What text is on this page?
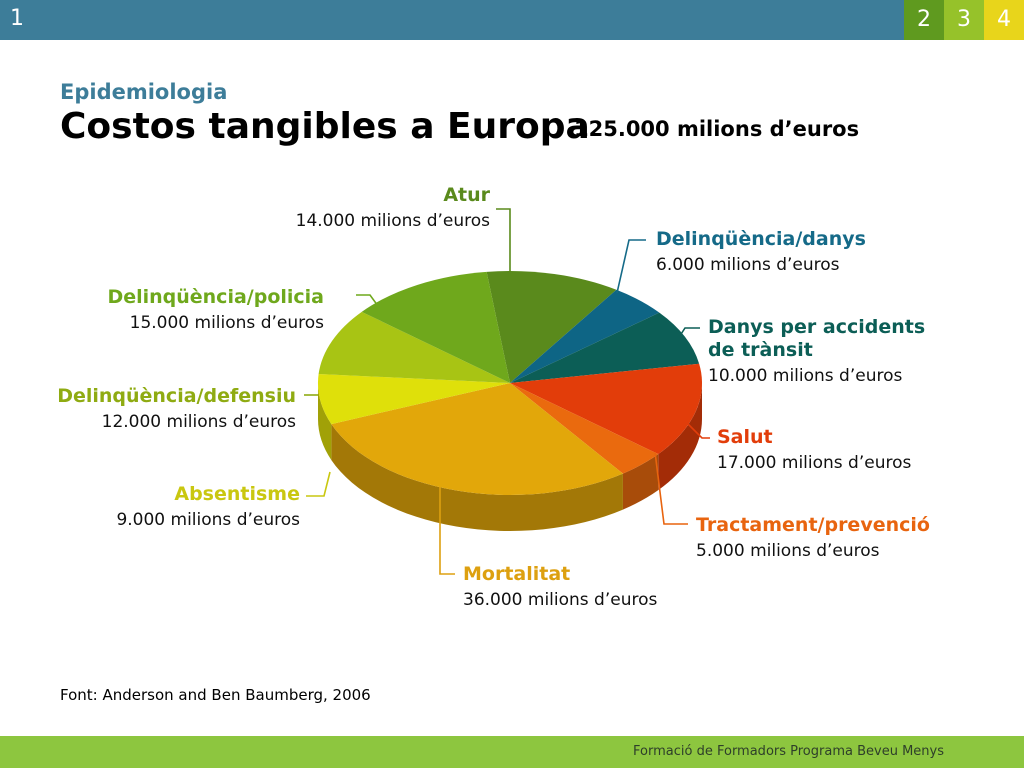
1	2	3	4
Epidemiologia
Costos tangibles a Europa
125.000 milions d’euros
Atur
14.000 milions d’euros
Delinqüència/danys
6.000 milions d’euros
Danys per accidents
de trànsit
10.000 milions d’euros
Salut
17.000 milions d’euros
Tractament/prevenció
5.000 milions d’euros
Mortalitat
36.000 milions d’euros
Absentisme
9.000 milions d’euros
Delinqüència/defensiu
12.000 milions d’euros
Delinqüència/policia
15.000 milions d’euros
Font: Anderson and Ben Baumberg, 2006
Formació de Formadors Programa Beveu Menys
